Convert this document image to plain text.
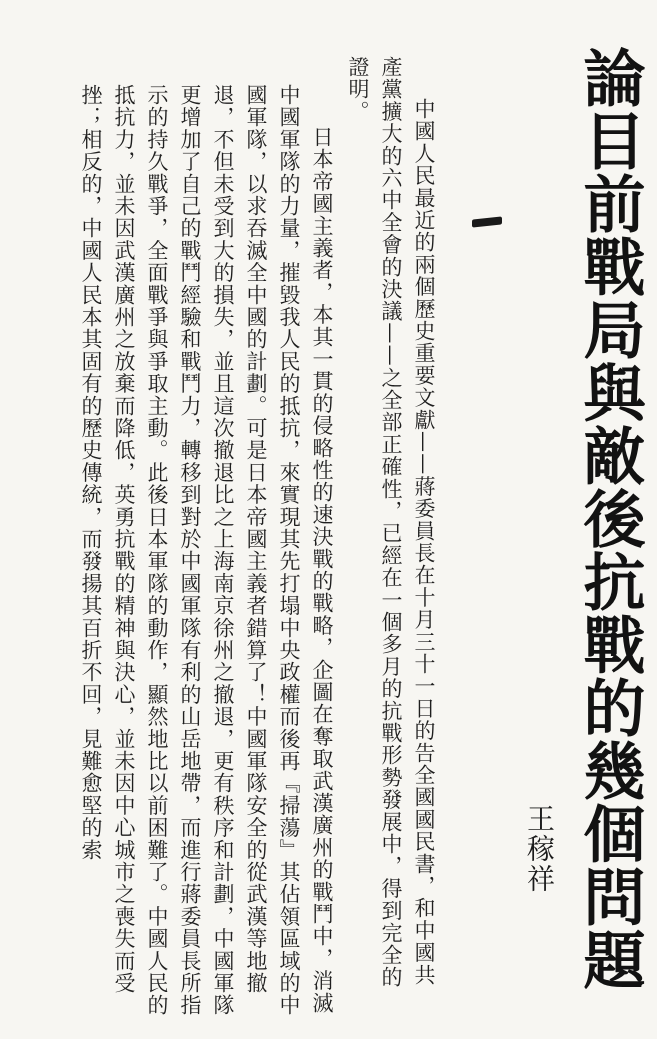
論目前戰局與敵後抗戰的幾個問題
王稼祥
中國人民最近的兩個歷史重要文獻——蔣委員長在十月三十一日的告全國國民書，和中國共產黨擴大的六中全會的決議——之全部正確性，已經在一個多月的抗戰形勢發展中，得到完全的證明。
日本帝國主義者，本其一貫的侵略性的速決戰的戰略，企圖在奪取武漢廣州的戰鬥中，消滅中國軍隊的力量，摧毀我人民的抵抗，來實現其先打塌中央政權而後再『掃蕩』其佔領區域的中國軍隊，以求吞滅全中國的計劃。可是日本帝國主義者錯算了！中國軍隊安全的從武漢等地撤退，不但未受到大的損失，並且這次撤退比之上海南京徐州之撤退，更有秩序和計劃，中國軍隊更增加了自己的戰鬥經驗和戰鬥力，轉移到對於中國軍隊有利的山岳地帶，而進行蔣委員長所指示的持久戰爭，全面戰爭與爭取主動。此後日本軍隊的動作，顯然地比以前困難了。中國人民的抵抗力，並未因武漢廣州之放棄而降低，英勇抗戰的精神與決心，並未因中心城市之喪失而受挫；相反的，中國人民本其固有的歷史傳統，而發揚其百折不回，見難愈堅的索
